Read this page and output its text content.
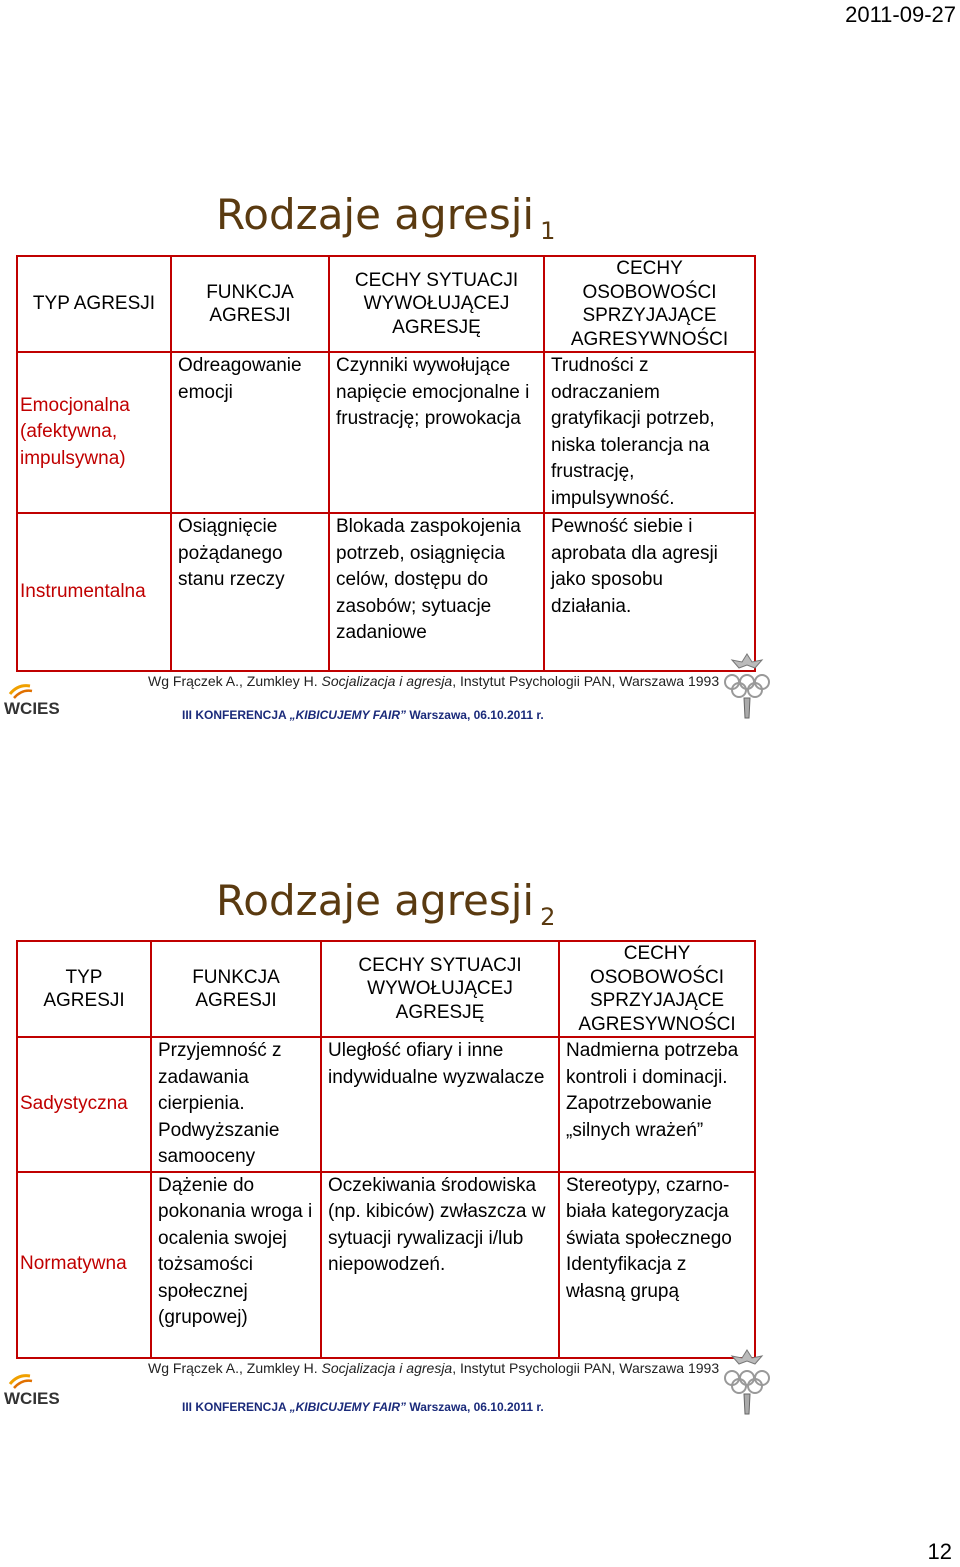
2011-09-27
Rodzaje agresji $_1$
TYP AGRESJI	FUNKCJA AGRESJI	CECHY SYTUACJI WYWOŁUJĄCEJ AGRESJĘ	CECHY OSOBOWOŚCI SPRZYJAJĄCE AGRESYWNOŚCI
Emocjonalna (afektywna, impulsywna)	Odreagowanie emocji	Czynniki wywołujące napięcie emocjonalne i frustrację; prowokacja	Trudności z odraczaniem gratyfikacji potrzeb, niska tolerancja na frustrację, impulsywność.
Instrumentalna	Osiągnięcie pożądanego stanu rzeczy	Blokada zaspokojenia potrzeb, osiągnięcia celów, dostępu do zasobów; sytuacje zadaniowe	Pewność siebie i aprobata dla agresji jako sposobu działania.
Wg Frączek A., Zumkley H. Socjalizacja i agresja, Instytut Psychologii PAN, Warszawa 1993
III KONFERENCJA „KIBICUJEMY FAIR” Warszawa, 06.10.2011 r.
WCIES
Rodzaje agresji $_2$
TYP AGRESJI	FUNKCJA AGRESJI	CECHY SYTUACJI WYWOŁUJĄCEJ AGRESJĘ	CECHY OSOBOWOŚCI SPRZYJAJĄCE AGRESYWNOŚCI
Sadystyczna	Przyjemność z zadawania cierpienia. Podwyższanie samooceny	Uległość ofiary i inne indywidualne wyzwalacze	Nadmierna potrzeba kontroli i dominacji. Zapotrzebowanie „silnych wrażeń”
Normatywna	Dążenie do pokonania wroga i ocalenia swojej tożsamości społecznej (grupowej)	Oczekiwania środowiska (np. kibiców) zwłaszcza w sytuacji rywalizacji i/lub niepowodzeń.	Stereotypy, czarno-biała kategoryzacja świata społecznego Identyfikacja z własną grupą
Wg Frączek A., Zumkley H. Socjalizacja i agresja, Instytut Psychologii PAN, Warszawa 1993
III KONFERENCJA „KIBICUJEMY FAIR” Warszawa, 06.10.2011 r.
WCIES
12
